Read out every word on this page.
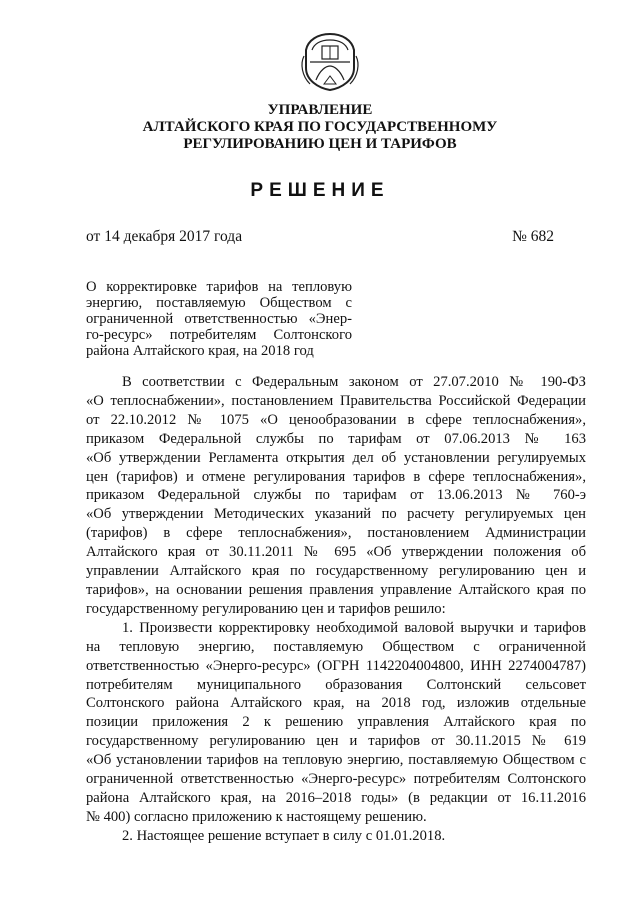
УПРАВЛЕНИЕ
АЛТАЙСКОГО КРАЯ ПО ГОСУДАРСТВЕННОМУ
РЕГУЛИРОВАНИЮ ЦЕН И ТАРИФОВ
РЕШЕНИЕ
от 14 декабря 2017 года	№ 682
О корректировке тарифов на тепловую
энергию, поставляемую Обществом с
ограниченной ответственностью «Энер-
го-ресурс» потребителям Солтонского
района Алтайского края, на 2018 год
В соответствии с Федеральным законом от 27.07.2010 № 190-ФЗ
«О теплоснабжении», постановлением Правительства Российской Федерации
от 22.10.2012 № 1075 «О ценообразовании в сфере теплоснабжения»,
приказом Федеральной службы по тарифам от 07.06.2013 № 163
«Об утверждении Регламента открытия дел об установлении регулируемых
цен (тарифов) и отмене регулирования тарифов в сфере теплоснабжения»,
приказом Федеральной службы по тарифам от 13.06.2013 № 760-э
«Об утверждении Методических указаний по расчету регулируемых цен
(тарифов) в сфере теплоснабжения», постановлением Администрации
Алтайского края от 30.11.2011 № 695 «Об утверждении положения об
управлении Алтайского края по государственному регулированию цен и
тарифов», на основании решения правления управление Алтайского края по
государственному регулированию цен и тарифов решило:
1. Произвести корректировку необходимой валовой выручки и тарифов
на тепловую энергию, поставляемую Обществом с ограниченной
ответственностью «Энерго-ресурс» (ОГРН 1142204004800, ИНН 2274004787)
потребителям муниципального образования Солтонский сельсовет
Солтонского района Алтайского края, на 2018 год, изложив отдельные
позиции приложения 2 к решению управления Алтайского края по
государственному регулированию цен и тарифов от 30.11.2015 № 619
«Об установлении тарифов на тепловую энергию, поставляемую Обществом с
ограниченной ответственностью «Энерго-ресурс» потребителям Солтонского
района Алтайского края, на 2016–2018 годы» (в редакции от 16.11.2016
№ 400) согласно приложению к настоящему решению.
2. Настоящее решение вступает в силу с 01.01.2018.
